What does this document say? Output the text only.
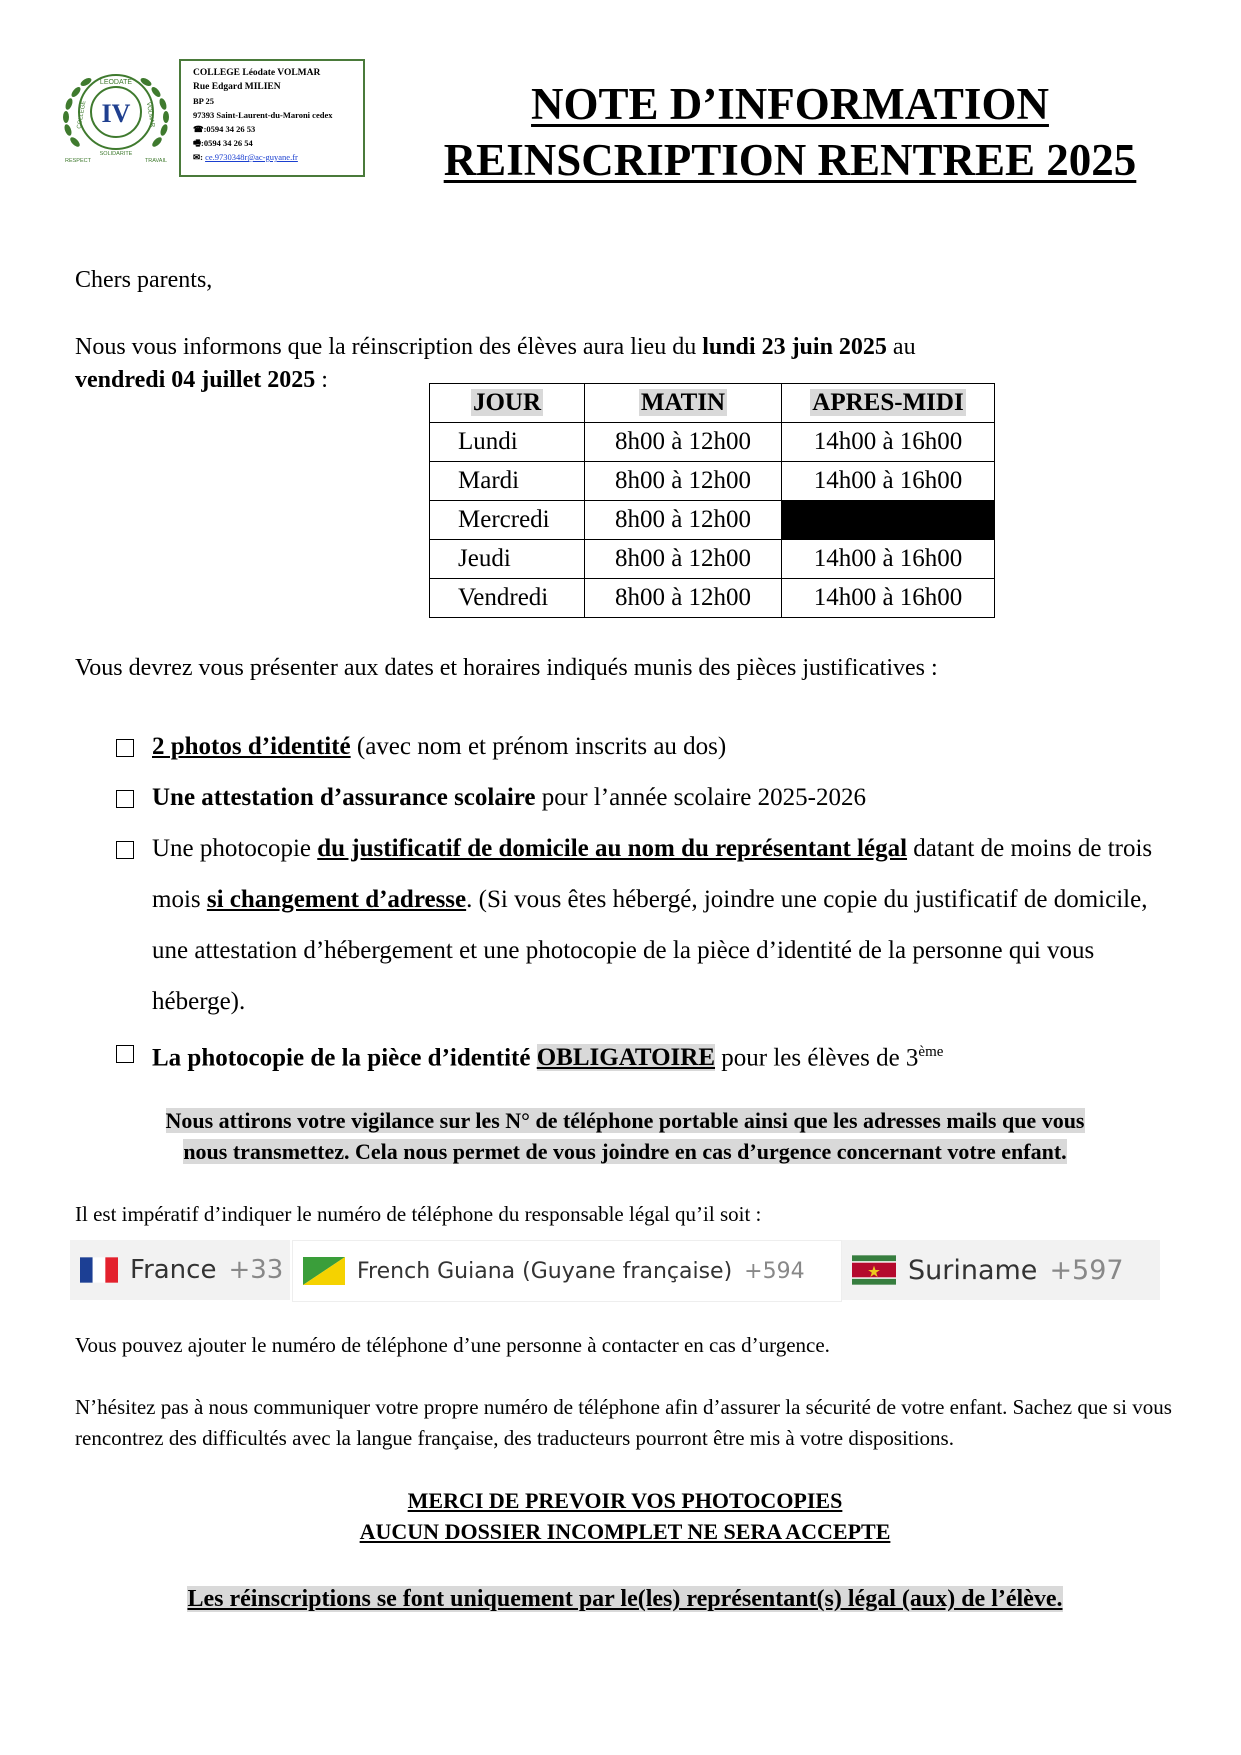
IV
LEODATE
COLLEGE	VOLMAR
RESPECT
SOLIDARITE
TRAVAIL
COLLEGE Léodate VOLMAR
Rue Edgard MILIEN
BP 25
97393 Saint-Laurent-du-Maroni cedex
☎:0594 34 26 53
🖷:0594 34 26 54
✉: ce.9730348r@ac-guyane.fr
NOTE D’INFORMATION
REINSCRIPTION RENTREE 2025
Chers parents,
Nous vous informons que la réinscription des élèves aura lieu du lundi 23 juin 2025 au
vendredi 04 juillet 2025 :
JOUR	MATIN	APRES-MIDI
Lundi	8h00 à 12h00	14h00 à 16h00
Mardi	8h00 à 12h00	14h00 à 16h00
Mercredi	8h00 à 12h00	
Jeudi	8h00 à 12h00	14h00 à 16h00
Vendredi	8h00 à 12h00	14h00 à 16h00
Vous devrez vous présenter aux dates et horaires indiqués munis des pièces justificatives :
2 photos d’identité (avec nom et prénom inscrits au dos)
Une attestation d’assurance scolaire pour l’année scolaire 2025-2026
Une photocopie du justificatif de domicile au nom du représentant légal datant de moins de trois mois si changement d’adresse. (Si vous êtes hébergé, joindre une copie du justificatif de domicile, une attestation d’hébergement et une photocopie de la pièce d’identité de la personne qui vous héberge).
La photocopie de la pièce d’identité OBLIGATOIRE pour les élèves de 3ème
Nous attirons votre vigilance sur les N° de téléphone portable ainsi que les adresses mails que vous
nous transmettez. Cela nous permet de vous joindre en cas d’urgence concernant votre enfant.
Il est impératif d’indiquer le numéro de téléphone du responsable légal qu’il soit :
France +33	French Guiana (Guyane française) +594	Suriname +597
Vous pouvez ajouter le numéro de téléphone d’une personne à contacter en cas d’urgence.
N’hésitez pas à nous communiquer votre propre numéro de téléphone afin d’assurer la sécurité de votre enfant. Sachez que si vous rencontrez des difficultés avec la langue française, des traducteurs pourront être mis à votre dispositions.
MERCI DE PREVOIR VOS PHOTOCOPIES
AUCUN DOSSIER INCOMPLET NE SERA ACCEPTE
Les réinscriptions se font uniquement par le(les) représentant(s) légal (aux) de l’élève.
